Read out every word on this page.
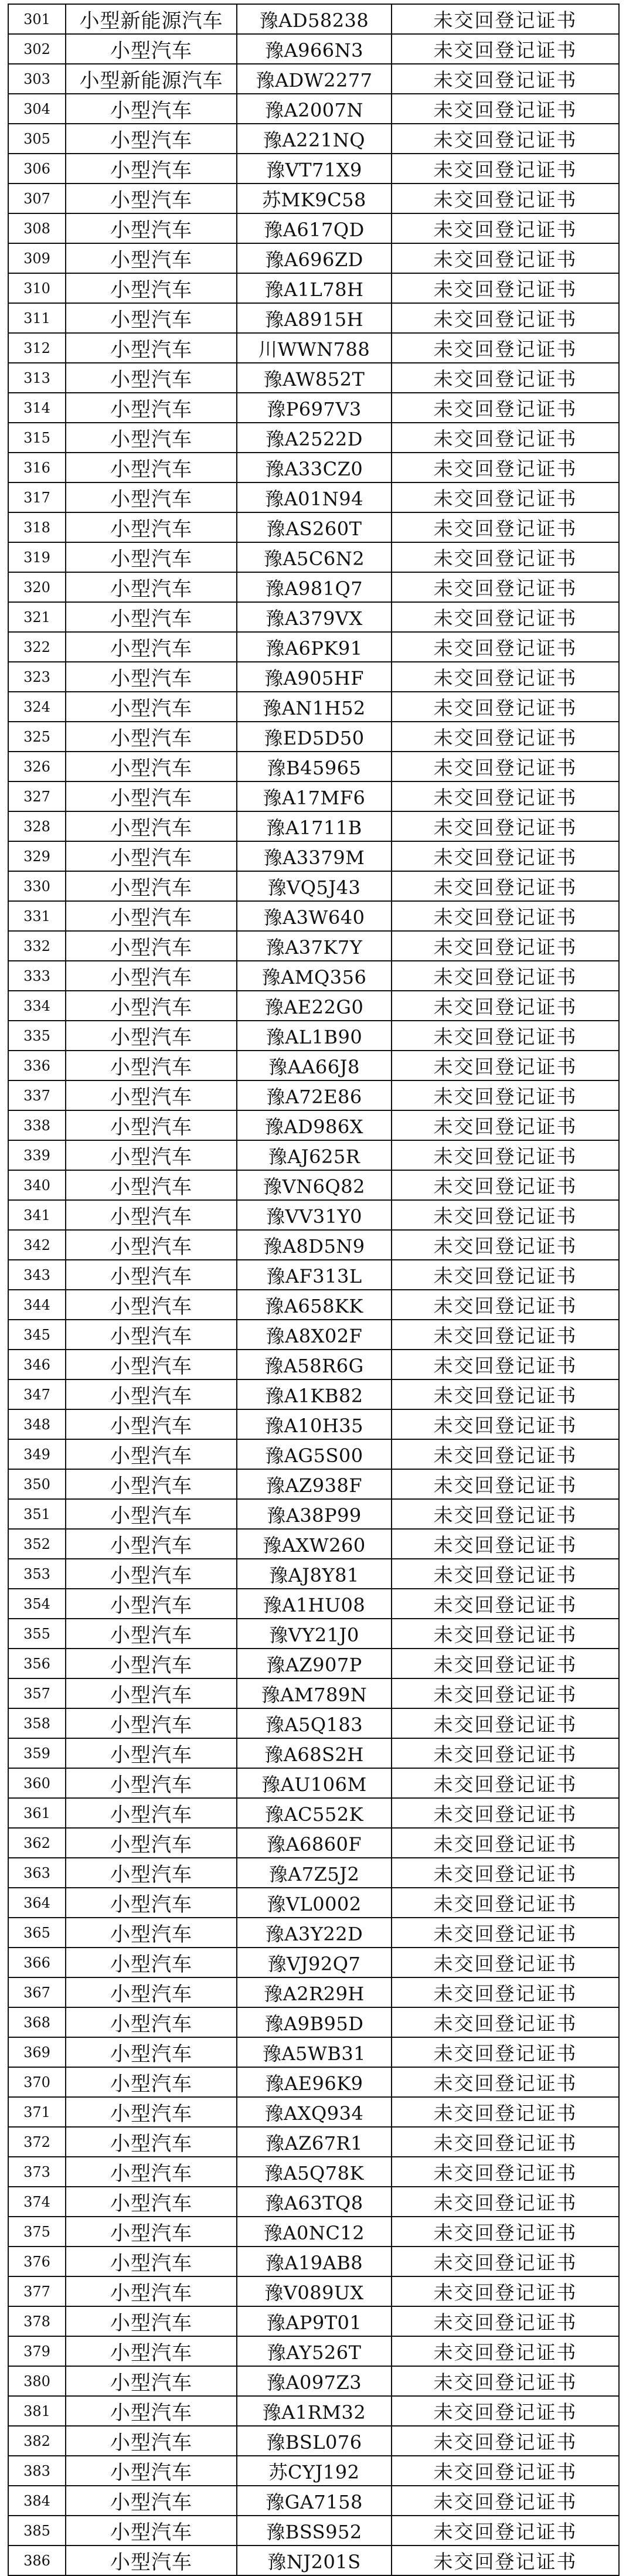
301	小型新能源汽车	豫AD58238	未交回登记证书
302	小型汽车	豫A966N3	未交回登记证书
303	小型新能源汽车	豫ADW2277	未交回登记证书
304	小型汽车	豫A2007N	未交回登记证书
305	小型汽车	豫A221NQ	未交回登记证书
306	小型汽车	豫VT71X9	未交回登记证书
307	小型汽车	苏MK9C58	未交回登记证书
308	小型汽车	豫A617QD	未交回登记证书
309	小型汽车	豫A696ZD	未交回登记证书
310	小型汽车	豫A1L78H	未交回登记证书
311	小型汽车	豫A8915H	未交回登记证书
312	小型汽车	川WWN788	未交回登记证书
313	小型汽车	豫AW852T	未交回登记证书
314	小型汽车	豫P697V3	未交回登记证书
315	小型汽车	豫A2522D	未交回登记证书
316	小型汽车	豫A33CZ0	未交回登记证书
317	小型汽车	豫A01N94	未交回登记证书
318	小型汽车	豫AS260T	未交回登记证书
319	小型汽车	豫A5C6N2	未交回登记证书
320	小型汽车	豫A981Q7	未交回登记证书
321	小型汽车	豫A379VX	未交回登记证书
322	小型汽车	豫A6PK91	未交回登记证书
323	小型汽车	豫A905HF	未交回登记证书
324	小型汽车	豫AN1H52	未交回登记证书
325	小型汽车	豫ED5D50	未交回登记证书
326	小型汽车	豫B45965	未交回登记证书
327	小型汽车	豫A17MF6	未交回登记证书
328	小型汽车	豫A1711B	未交回登记证书
329	小型汽车	豫A3379M	未交回登记证书
330	小型汽车	豫VQ5J43	未交回登记证书
331	小型汽车	豫A3W640	未交回登记证书
332	小型汽车	豫A37K7Y	未交回登记证书
333	小型汽车	豫AMQ356	未交回登记证书
334	小型汽车	豫AE22G0	未交回登记证书
335	小型汽车	豫AL1B90	未交回登记证书
336	小型汽车	豫AA66J8	未交回登记证书
337	小型汽车	豫A72E86	未交回登记证书
338	小型汽车	豫AD986X	未交回登记证书
339	小型汽车	豫AJ625R	未交回登记证书
340	小型汽车	豫VN6Q82	未交回登记证书
341	小型汽车	豫VV31Y0	未交回登记证书
342	小型汽车	豫A8D5N9	未交回登记证书
343	小型汽车	豫AF313L	未交回登记证书
344	小型汽车	豫A658KK	未交回登记证书
345	小型汽车	豫A8X02F	未交回登记证书
346	小型汽车	豫A58R6G	未交回登记证书
347	小型汽车	豫A1KB82	未交回登记证书
348	小型汽车	豫A10H35	未交回登记证书
349	小型汽车	豫AG5S00	未交回登记证书
350	小型汽车	豫AZ938F	未交回登记证书
351	小型汽车	豫A38P99	未交回登记证书
352	小型汽车	豫AXW260	未交回登记证书
353	小型汽车	豫AJ8Y81	未交回登记证书
354	小型汽车	豫A1HU08	未交回登记证书
355	小型汽车	豫VY21J0	未交回登记证书
356	小型汽车	豫AZ907P	未交回登记证书
357	小型汽车	豫AM789N	未交回登记证书
358	小型汽车	豫A5Q183	未交回登记证书
359	小型汽车	豫A68S2H	未交回登记证书
360	小型汽车	豫AU106M	未交回登记证书
361	小型汽车	豫AC552K	未交回登记证书
362	小型汽车	豫A6860F	未交回登记证书
363	小型汽车	豫A7Z5J2	未交回登记证书
364	小型汽车	豫VL0002	未交回登记证书
365	小型汽车	豫A3Y22D	未交回登记证书
366	小型汽车	豫VJ92Q7	未交回登记证书
367	小型汽车	豫A2R29H	未交回登记证书
368	小型汽车	豫A9B95D	未交回登记证书
369	小型汽车	豫A5WB31	未交回登记证书
370	小型汽车	豫AE96K9	未交回登记证书
371	小型汽车	豫AXQ934	未交回登记证书
372	小型汽车	豫AZ67R1	未交回登记证书
373	小型汽车	豫A5Q78K	未交回登记证书
374	小型汽车	豫A63TQ8	未交回登记证书
375	小型汽车	豫A0NC12	未交回登记证书
376	小型汽车	豫A19AB8	未交回登记证书
377	小型汽车	豫V089UX	未交回登记证书
378	小型汽车	豫AP9T01	未交回登记证书
379	小型汽车	豫AY526T	未交回登记证书
380	小型汽车	豫A097Z3	未交回登记证书
381	小型汽车	豫A1RM32	未交回登记证书
382	小型汽车	豫BSL076	未交回登记证书
383	小型汽车	苏CYJ192	未交回登记证书
384	小型汽车	豫GA7158	未交回登记证书
385	小型汽车	豫BSS952	未交回登记证书
386	小型汽车	豫NJ201S	未交回登记证书
